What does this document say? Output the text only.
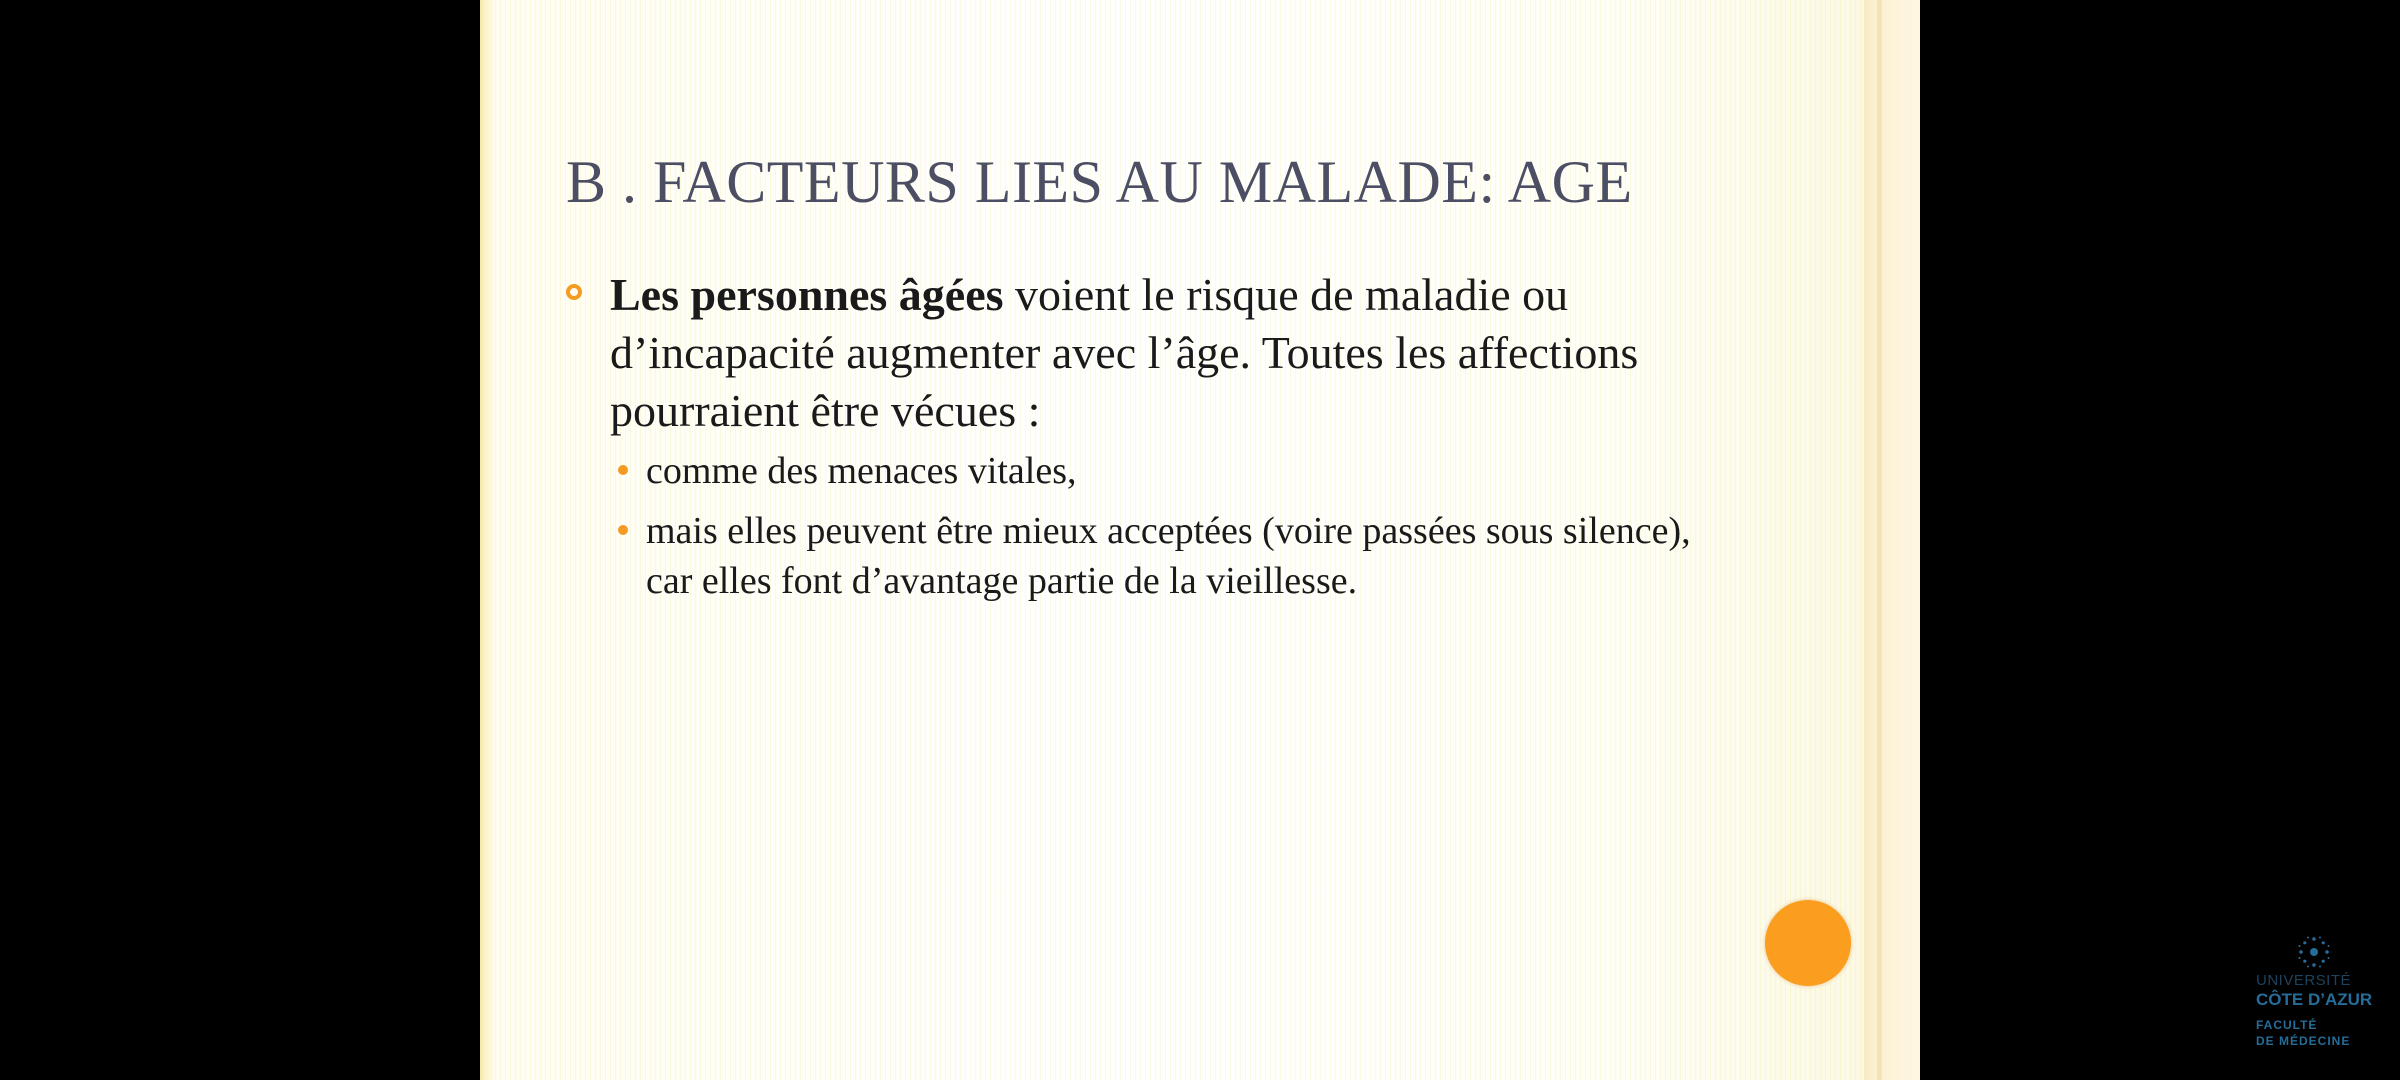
B . FACTEURS LIES AU MALADE: AGE
Les personnes âgées voient le risque de maladie ou d’incapacité augmenter avec l’âge. Toutes les affections pourraient être vécues :
comme des menaces vitales,
mais elles peuvent être mieux acceptées (voire passées sous silence), car elles font d’avantage partie de la vieillesse.
UNIVERSITÉ
CÔTE D’AZUR
FACULTÉ
DE MÉDECINE
